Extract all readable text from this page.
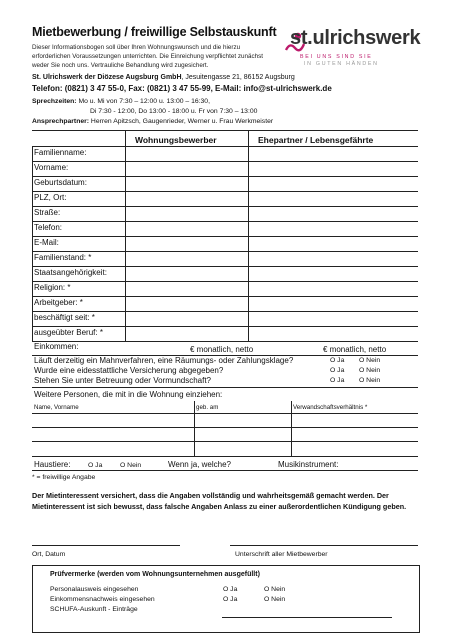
Mietbewerbung / freiwillige Selbstauskunft
Dieser Informationsbogen soll über Ihren Wohnungswunsch und die hierzu erforderlichen Voraussetzungen unterrichten. Die Einreichung verpflichtet zunächst weder Sie noch uns. Vertrauliche Behandlung wird zugesichert.
st.ulrichswerk
BEI UNS SIND SIE
IN GUTEN HÄNDEN
St. Ulrichswerk der Diözese Augsburg GmbH, Jesuitengasse 21, 86152 Augsburg
Telefon: (0821) 3 47 55-0, Fax: (0821) 3 47 55-99, E-Mail: info@st-ulrichswerk.de
Sprechzeiten: Mo u. Mi von 7:30 – 12:00 u. 13:00 – 16:30,
Di 7:30 - 12:00, Do 13:00 - 18:00 u. Fr von 7:30 – 13:00
Ansprechpartner: Herren Apitzsch, Gaugenrieder, Werner u. Frau Werkmeister
Wohnungsbewerber	Ehepartner / Lebensgefährte
Familienname:
Vorname:
Geburtsdatum:
PLZ, Ort:
Straße:
Telefon:
E-Mail:
Familienstand: *
Staatsangehörigkeit:
Religion: *
Arbeitgeber: *
beschäftigt seit: *
ausgeübter Beruf: *
Einkommen:	€ monatlich, netto	€ monatlich, netto
Läuft derzeitig ein Mahnverfahren, eine Räumungs- oder Zahlungsklage?	O Ja O Nein
Wurde eine eidesstattliche Versicherung abgegeben?	O Ja O Nein
Stehen Sie unter Betreuung oder Vormundschaft?	O Ja O Nein
Weitere Personen, die mit in die Wohnung einziehen:
Name, Vorname	geb. am	Verwandschaftsverhältnis *
Haustiere:	O Ja	O Nein	Wenn ja, welche?	Musikinstrument:
* = freiwillige Angabe
Der Mietinteressent versichert, dass die Angaben vollständig und wahrheitsgemäß gemacht werden. Der Mietinteressent ist sich bewusst, dass falsche Angaben Anlass zu einer außerordentlichen Kündigung geben.
Ort, Datum	Unterschrift aller Mietbewerber
Prüfvermerke (werden vom Wohnungsunternehmen ausgefüllt)
Personalausweis eingesehen	O Ja	O Nein
Einkommensnachweis eingesehen	O Ja	O Nein
SCHUFA-Auskunft - Einträge
